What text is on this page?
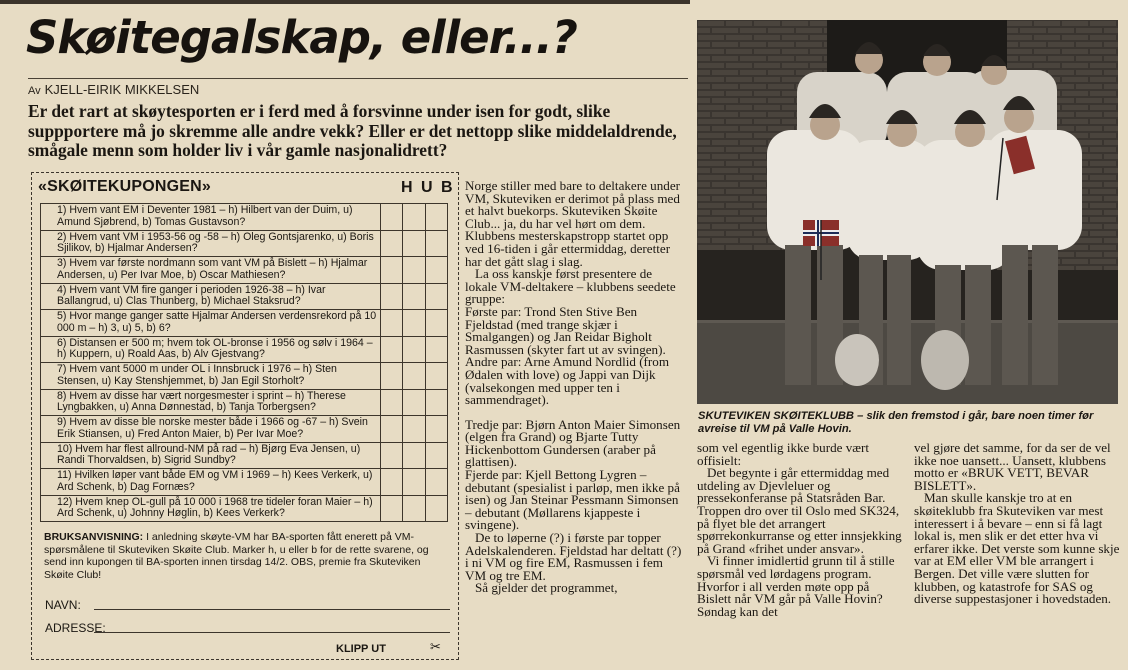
Skøitegalskap, eller...?
Av KJELL-EIRIK MIKKELSEN
Er det rart at skøytesporten er i ferd med å forsvinne under isen for godt, slike suppportere må jo skremme alle andre vekk? Eller er det nettopp slike middelaldrende, smågale menn som holder liv i vår gamle nasjonalidrett?
«SKØITEKUPONGEN»	H U B
1) Hvem vant EM i Deventer 1981 – h) Hilbert van der Duim, u) Amund Sjøbrend, b) Tomas Gustavson?			
2) Hvem vant VM i 1953-56 og -58 – h) Oleg Gontsjarenko, u) Boris Sjilikov, b) Hjalmar Andersen?			
3) Hvem var første nordmann som vant VM på Bislett – h) Hjalmar Andersen, u) Per Ivar Moe, b) Oscar Mathiesen?			
4) Hvem vant VM fire ganger i perioden 1926-38 – h) Ivar Ballangrud, u) Clas Thunberg, b) Michael Staksrud?			
5) Hvor mange ganger satte Hjalmar Andersen verdensrekord på 10 000 m – h) 3, u) 5, b) 6?			
6) Distansen er 500 m; hvem tok OL-bronse i 1956 og sølv i 1964 – h) Kuppern, u) Roald Aas, b) Alv Gjestvang?			
7) Hvem vant 5000 m under OL i Innsbruck i 1976 – h) Sten Stensen, u) Kay Stenshjemmet, b) Jan Egil Storholt?			
8) Hvem av disse har vært norgesmester i sprint – h) Therese Lyngbakken, u) Anna Dønnestad, b) Tanja Torbergsen?			
9) Hvem av disse ble norske mester både i 1966 og -67 – h) Svein Erik Stiansen, u) Fred Anton Maier, b) Per Ivar Moe?			
10) Hvem har flest allround-NM på rad – h) Bjørg Eva Jensen, u) Randi Thorvaldsen, b) Sigrid Sundby?			
11) Hvilken løper vant både EM og VM i 1969 – h) Kees Verkerk, u) Ard Schenk, b) Dag Fornæs?			
12) Hvem knep OL-gull på 10 000 i 1968 tre tideler foran Maier – h) Ard Schenk, u) Johnny Høglin, b) Kees Verkerk?			
BRUKSANVISNING: I anledning skøyte-VM har BA-sporten fått enerett på VM-spørsmålene til Skuteviken Skøite Club. Marker h, u eller b for de rette svarene, og send inn kupongen til BA-sporten innen tirsdag 14/2. OBS, premie fra Skuteviken Skøite Club!
NAVN:
ADRESSE:
KLIPP UT	✂

Norge stiller med bare to deltakere under VM, Skuteviken er derimot på plass med et halvt buekorps. Skuteviken Skøite Club... ja, du har vel hørt om dem. Klubbens mesterskapstropp startet opp ved 16-tiden i går ettermiddag, deretter har det gått slag i slag.

La oss kanskje først presentere de lokale VM-deltakere – klubbens seedete gruppe:

Første par: Trond Sten Stive Ben Fjeldstad (med trange skjær i Smalgangen) og Jan Reidar Bigholt Rasmussen (skyter fart ut av svingen).

Andre par: Arne Amund Nordlid (from Ødalen with love) og Jappi van Dijk (valsekongen med upper ten i sammendraget).

Tredje par: Bjørn Anton Maier Simonsen (elgen fra Grand) og Bjarte Tutty Hickenbottom Gundersen (araber på glattisen).

Fjerde par: Kjell Bettong Lygren – debutant (spesialist i parløp, men ikke på isen) og Jan Steinar Pessmann Simonsen – debutant (Møllarens kjappeste i svingene).

De to løperne (?) i første par topper Adelskalenderen. Fjeldstad har deltatt (?) i ni VM og fire EM, Rasmussen i fem VM og tre EM.

Så gjelder det programmet,

som vel egentlig ikke burde vært offisielt:

Det begynte i går ettermiddag med utdeling av Djevleluer og pressekonferanse på Statsråden Bar. Troppen dro over til Oslo med SK324, på flyet ble det arrangert spørrekonkurranse og etter innsjekking på Grand «frihet under ansvar».

Vi finner imidlertid grunn til å stille spørsmål ved lørdagens program. Hvorfor i all verden møte opp på Bislett når VM går på Valle Hovin? Søndag kan det

vel gjøre det samme, for da ser de vel ikke noe uansett... Uansett, klubbens motto er «BRUK VETT, BEVAR BISLETT».

Man skulle kanskje tro at en skøiteklubb fra Skuteviken var mest interessert i å bevare – enn si få lagt lokal is, men slik er det etter hva vi erfarer ikke. Det verste som kunne skje var at EM eller VM ble arrangert i Bergen. Det ville være slutten for klubben, og katastrofe for SAS og diverse suppestasjoner i hovedstaden.

SKUTEVIKEN SKØITEKLUBB – slik den fremstod i går, bare noen timer før avreise til VM på Valle Hovin.
